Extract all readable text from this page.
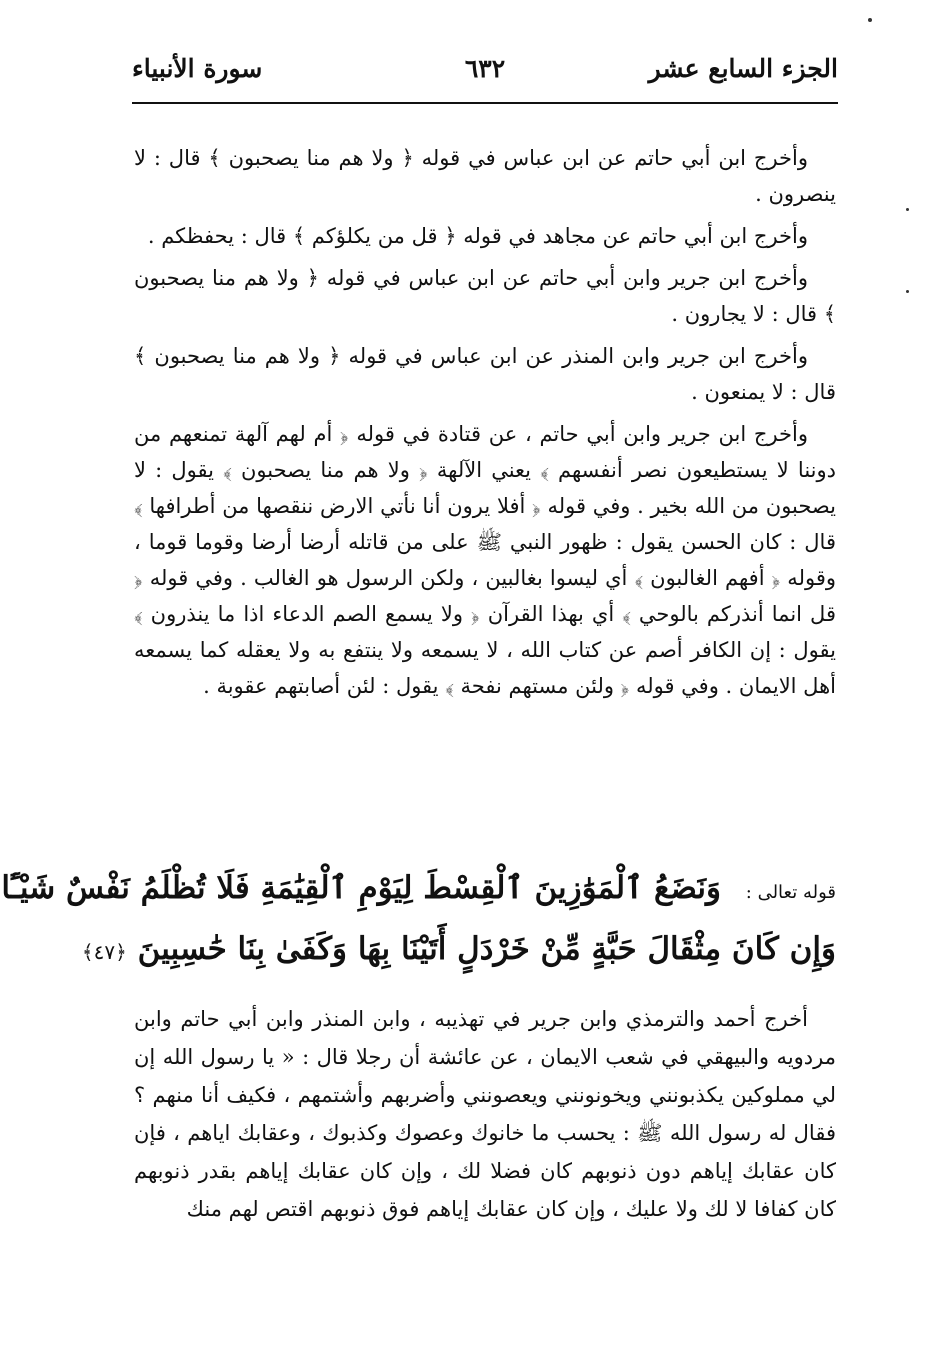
الجزء السابع عشر
٦٣٢
سورة الأنبياء

وأخرج ابن أبي حاتم عن ابن عباس في قوله ﴿ ولا هم منا يصحبون ﴾ قال : لا ينصرون .

وأخرج ابن أبي حاتم عن مجاهد في قوله ﴿ قل من يكلؤكم ﴾ قال : يحفظكم .

وأخرج ابن جرير وابن أبي حاتم عن ابن عباس في قوله ﴿ ولا هم منا يصحبون ﴾ قال : لا يجارون .

وأخرج ابن جرير وابن المنذر عن ابن عباس في قوله ﴿ ولا هم منا يصحبون ﴾ قال : لا يمنعون .

وأخرج ابن جرير وابن أبي حاتم ، عن قتادة في قوله ﴿ أم لهم آلهة تمنعهم من دوننا لا يستطيعون نصر أنفسهم ﴾ يعني الآلهة ﴿ ولا هم منا يصحبون ﴾ يقول : لا يصحبون من الله بخير . وفي قوله ﴿ أفلا يرون أنا نأتي الارض ننقصها من أطرافها ﴾ قال : كان الحسن يقول : ظهور النبي ﷺ على من قاتله أرضا أرضا وقوما قوما ، وقوله ﴿ أفهم الغالبون ﴾ أي ليسوا بغالبين ، ولكن الرسول هو الغالب . وفي قوله ﴿ قل انما أنذركم بالوحي ﴾ أي بهذا القرآن ﴿ ولا يسمع الصم الدعاء اذا ما ينذرون ﴾ يقول : إن الكافر أصم عن كتاب الله ، لا يسمعه ولا ينتفع به ولا يعقله كما يسمعه أهل الايمان . وفي قوله ﴿ ولئن مستهم نفحة ﴾ يقول : لئن أصابتهم عقوبة .

قوله تعالى : وَنَضَعُ ٱلْمَوَٰزِينَ ٱلْقِسْطَ لِيَوْمِ ٱلْقِيَٰمَةِ فَلَا تُظْلَمُ نَفْسٌ شَيْـًٔا
وَإِن كَانَ مِثْقَالَ حَبَّةٍ مِّنْ خَرْدَلٍ أَتَيْنَا بِهَا وَكَفَىٰ بِنَا حَٰسِبِينَ ﴿٤٧﴾

أخرج أحمد والترمذي وابن جرير في تهذيبه ، وابن المنذر وابن أبي حاتم وابن مردويه والبيهقي في شعب الايمان ، عن عائشة أن رجلا قال : « يا رسول الله إن لي مملوكين يكذبونني ويخونونني ويعصونني وأضربهم وأشتمهم ، فكيف أنا منهم ؟ فقال له رسول الله ﷺ : يحسب ما خانوك وعصوك وكذبوك ، وعقابك اياهم ، فإن كان عقابك إياهم دون ذنوبهم كان فضلا لك ، وإن كان عقابك إياهم بقدر ذنوبهم كان كفافا لا لك ولا عليك ، وإن كان عقابك إياهم فوق ذنوبهم اقتص لهم منك
